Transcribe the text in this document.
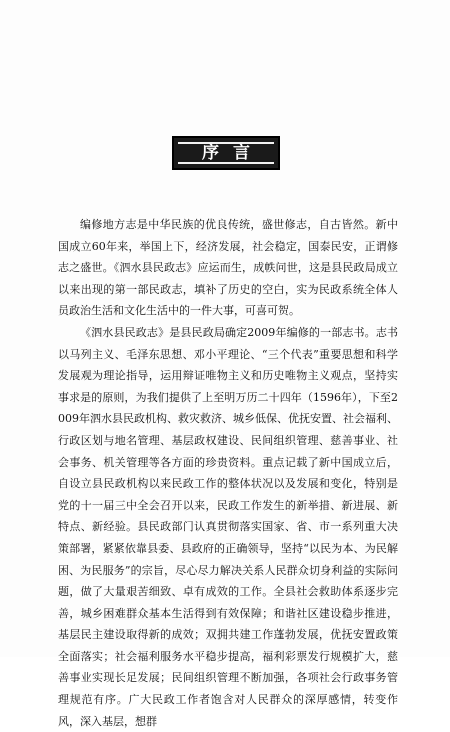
序言

编修地方志是中华民族的优良传统，盛世修志，自古皆然。新中国成立60年来，举国上下，经济发展，社会稳定，国泰民安，正谓修志之盛世。《泗水县民政志》应运而生，成帙问世，这是县民政局成立以来出现的第一部民政志，填补了历史的空白，实为民政系统全体人员政治生活和文化生活中的一件大事，可喜可贺。

《泗水县民政志》是县民政局确定2009年编修的一部志书。志书以马列主义、毛泽东思想、邓小平理论、“三个代表”重要思想和科学发展观为理论指导，运用辩证唯物主义和历史唯物主义观点，坚持实事求是的原则，为我们提供了上至明万历二十四年（1596年），下至2009年泗水县民政机构、救灾救济、城乡低保、优抚安置、社会福利、行政区划与地名管理、基层政权建设、民间组织管理、慈善事业、社会事务、机关管理等各方面的珍贵资料。重点记载了新中国成立后，自设立县民政机构以来民政工作的整体状况以及发展和变化，特别是党的十一届三中全会召开以来，民政工作发生的新举措、新进展、新特点、新经验。县民政部门认真贯彻落实国家、省、市一系列重大决策部署，紧紧依靠县委、县政府的正确领导，坚持“以民为本、为民解困、为民服务”的宗旨，尽心尽力解决关系人民群众切身利益的实际问题，做了大量艰苦细致、卓有成效的工作。全县社会救助体系逐步完善，城乡困难群众基本生活得到有效保障；和谐社区建设稳步推进，基层民主建设取得新的成效；双拥共建工作蓬勃发展，优抚安置政策全面落实；社会福利服务水平稳步提高，福利彩票发行规模扩大，慈善事业实现长足发展；民间组织管理不断加强，各项社会行政事务管理规范有序。广大民政工作者饱含对人民群众的深厚感情，转变作风，深入基层，想群
